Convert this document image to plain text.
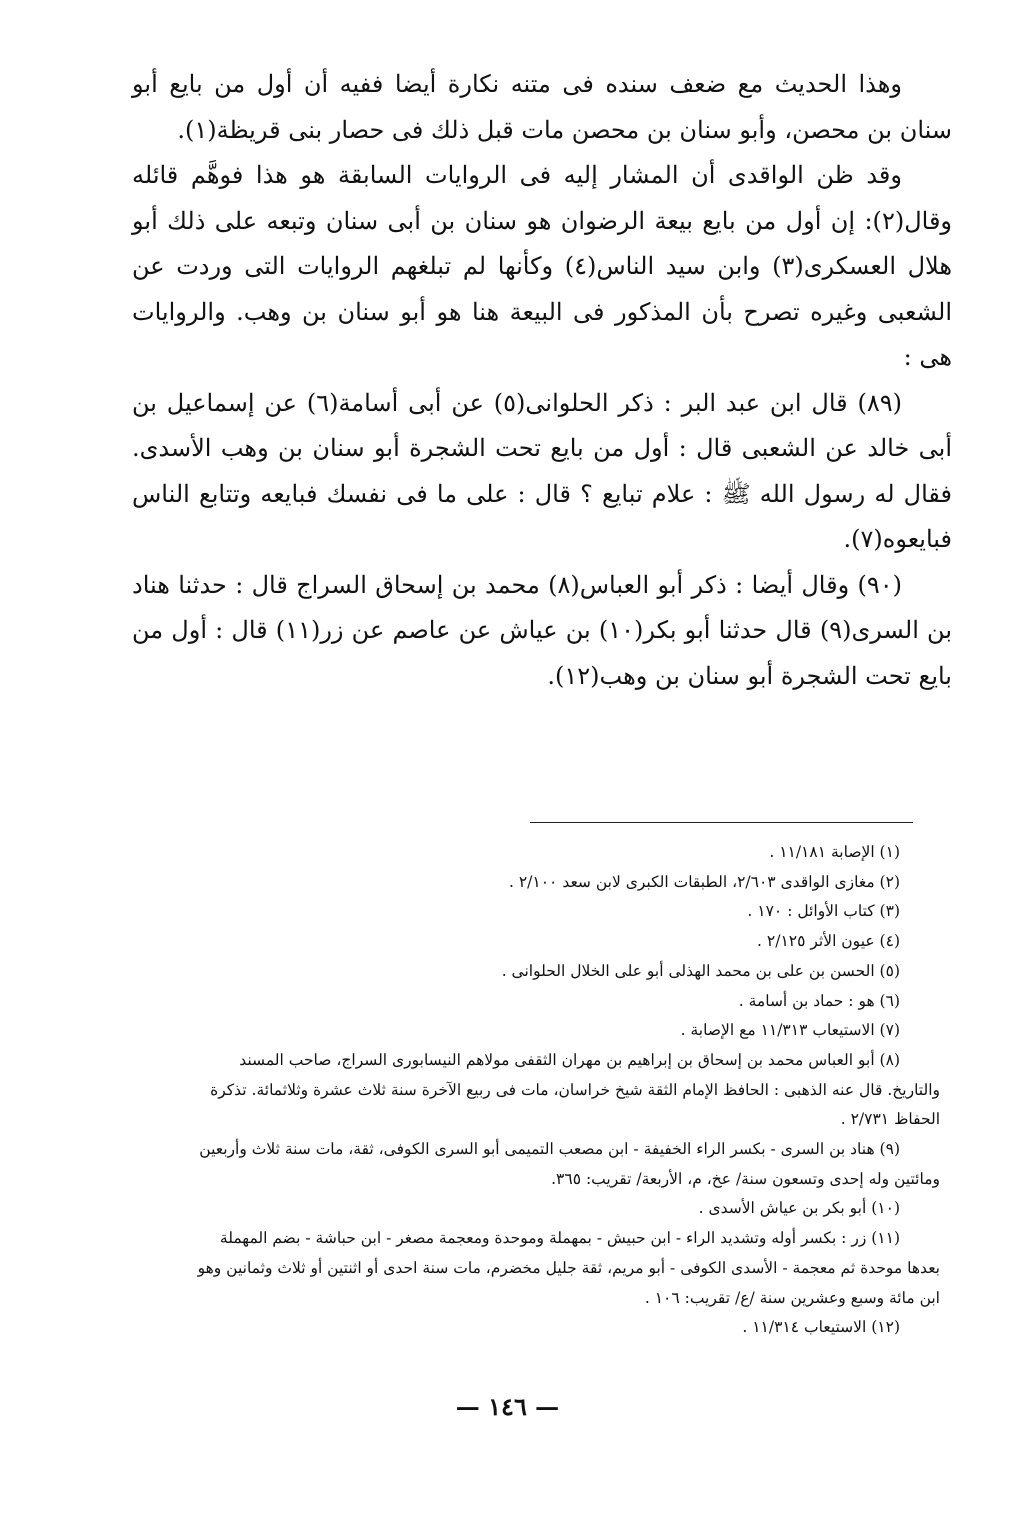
وهذا الحديث مع ضعف سنده فى متنه نكارة أيضا ففيه أن أول من بايع أبو سنان بن محصن، وأبو سنان بن محصن مات قبل ذلك فى حصار بنى قريظة(١).

وقد ظن الواقدى أن المشار إليه فى الروايات السابقة هو هذا فوهَّم قائله وقال(٢): إن أول من بايع بيعة الرضوان هو سنان بن أبى سنان وتبعه على ذلك أبو هلال العسكرى(٣) وابن سيد الناس(٤) وكأنها لم تبلغهم الروايات التى وردت عن الشعبى وغيره تصرح بأن المذكور فى البيعة هنا هو أبو سنان بن وهب. والروايات هى :

(٨٩) قال ابن عبد البر : ذكر الحلوانى(٥) عن أبى أسامة(٦) عن إسماعيل بن أبى خالد عن الشعبى قال : أول من بايع تحت الشجرة أبو سنان بن وهب الأسدى. فقال له رسول الله ﷺ : علام تبايع ؟ قال : على ما فى نفسك فبايعه وتتابع الناس فبايعوه(٧).

(٩٠) وقال أيضا : ذكر أبو العباس(٨) محمد بن إسحاق السراج قال : حدثنا هناد بن السرى(٩) قال حدثنا أبو بكر(١٠) بن عياش عن عاصم عن زر(١١) قال : أول من بايع تحت الشجرة أبو سنان بن وهب(١٢).

(١) الإصابة ١١/١٨١ .
(٢) مغازى الواقدى ٢/٦٠٣، الطبقات الكبرى لابن سعد ٢/١٠٠ .
(٣) كتاب الأوائل : ١٧٠ .
(٤) عيون الأثر ٢/١٢٥ .
(٥) الحسن بن على بن محمد الهذلى أبو على الخلال الحلوانى .
(٦) هو : حماد بن أسامة .
(٧) الاستيعاب ١١/٣١٣ مع الإصابة .
(٨) أبو العباس محمد بن إسحاق بن إبراهيم بن مهران الثقفى مولاهم النيسابورى السراج، صاحب المسند
والتاريخ. قال عنه الذهبى : الحافظ الإمام الثقة شيخ خراسان، مات فى ربيع الآخرة سنة ثلاث عشرة وثلاثمائة. تذكرة
الحفاظ ٢/٧٣١ .
(٩) هناد بن السرى - بكسر الراء الخفيفة - ابن مصعب التميمى أبو السرى الكوفى، ثقة، مات سنة ثلاث وأربعين
ومائتين وله إحدى وتسعون سنة/ عخ، م، الأربعة/ تقريب: ٣٦٥.
(١٠) أبو بكر بن عياش الأسدى .
(١١) زر : بكسر أوله وتشديد الراء - ابن حبيش - بمهملة وموحدة ومعجمة مصغر - ابن حباشة - بضم المهملة
بعدها موحدة ثم معجمة - الأسدى الكوفى - أبو مريم، ثقة جليل مخضرم، مات سنة احدى أو اثنتين أو ثلاث وثمانين وهو
ابن مائة وسبع وعشرين سنة /ع/ تقريب: ١٠٦ .
(١٢) الاستيعاب ١١/٣١٤ .
— ١٤٦ —
